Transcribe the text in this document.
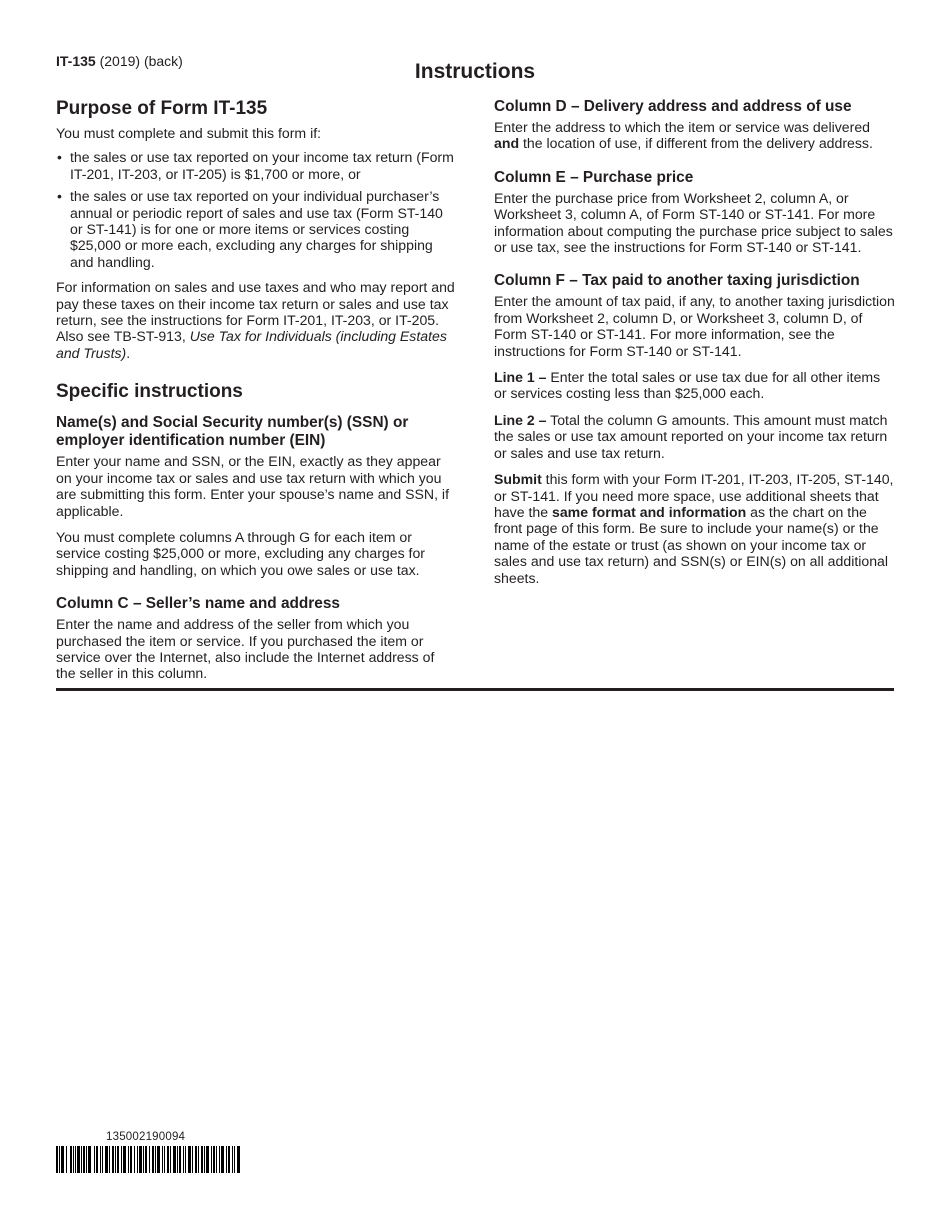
IT-135 (2019) (back)	Instructions
Purpose of Form IT-135

You must complete and submit this form if:

• the sales or use tax reported on your income tax return (Form IT-201, IT-203, or IT-205) is $1,700 or more, or
• the sales or use tax reported on your individual purchaser’s annual or periodic report of sales and use tax (Form ST-140 or ST-141) is for one or more items or services costing $25,000 or more each, excluding any charges for shipping and handling.

For information on sales and use taxes and who may report and pay these taxes on their income tax return or sales and use tax return, see the instructions for Form IT-201, IT-203, or IT-205. Also see TB-ST-913, Use Tax for Individuals (including Estates and Trusts).

Specific instructions
Name(s) and Social Security number(s) (SSN) or employer identification number (EIN)

Enter your name and SSN, or the EIN, exactly as they appear on your income tax or sales and use tax return with which you are submitting this form. Enter your spouse’s name and SSN, if applicable.

You must complete columns A through G for each item or service costing $25,000 or more, excluding any charges for shipping and handling, on which you owe sales or use tax.

Column C – Seller’s name and address

Enter the name and address of the seller from which you purchased the item or service. If you purchased the item or service over the Internet, also include the Internet address of the seller in this column.

Column D – Delivery address and address of use

Enter the address to which the item or service was delivered and the location of use, if different from the delivery address.

Column E – Purchase price

Enter the purchase price from Worksheet 2, column A, or Worksheet 3, column A, of Form ST-140 or ST-141. For more information about computing the purchase price subject to sales or use tax, see the instructions for Form ST-140 or ST-141.

Column F – Tax paid to another taxing jurisdiction

Enter the amount of tax paid, if any, to another taxing jurisdiction from Worksheet 2, column D, or Worksheet 3, column D, of Form ST-140 or ST-141. For more information, see the instructions for Form ST-140 or ST-141.

Line 1 – Enter the total sales or use tax due for all other items or services costing less than $25,000 each.

Line 2 – Total the column G amounts. This amount must match the sales or use tax amount reported on your income tax return or sales and use tax return.

Submit this form with your Form IT-201, IT-203, IT-205, ST-140, or ST-141. If you need more space, use additional sheets that have the same format and information as the chart on the front page of this form. Be sure to include your name(s) or the name of the estate or trust (as shown on your income tax or sales and use tax return) and SSN(s) or EIN(s) on all additional sheets.

135002190094
